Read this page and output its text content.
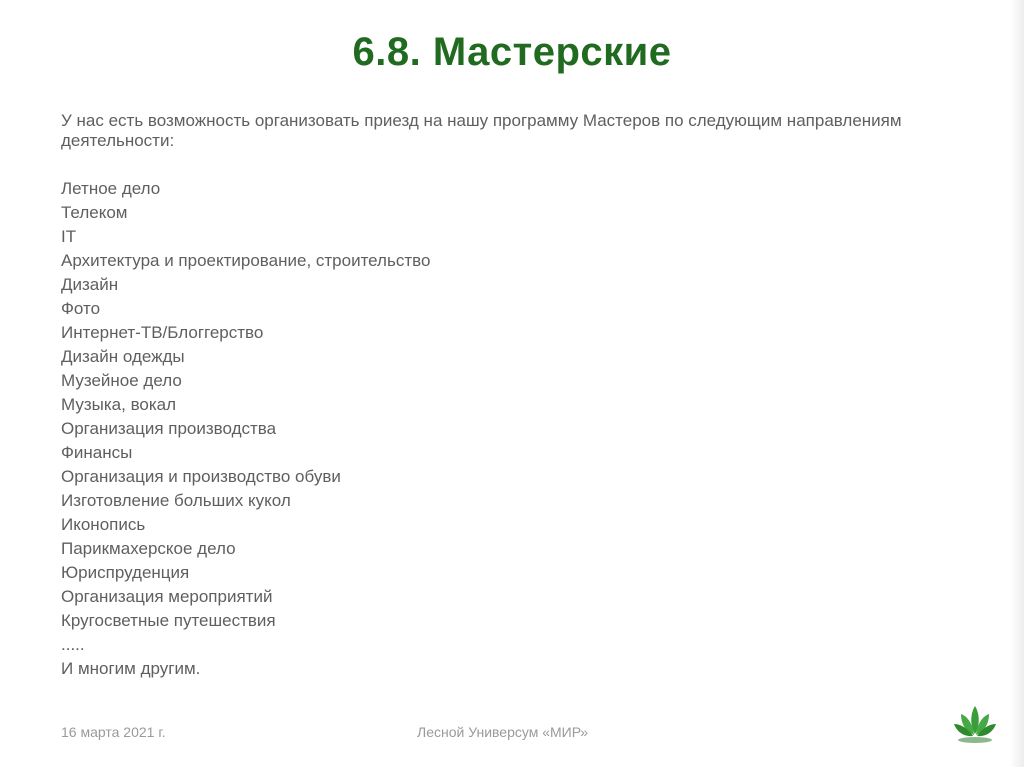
6.8. Мастерские
У нас есть возможность организовать приезд на нашу программу Мастеров по следующим направлениям деятельности:
Летное дело
Телеком
IT
Архитектура и проектирование, строительство
Дизайн
Фото
Интернет-ТВ/Блоггерство
Дизайн одежды
Музейное дело
Музыка, вокал
Организация производства
Финансы
Организация и производство обуви
Изготовление больших кукол
Иконопись
Парикмахерское дело
Юриспруденция
Организация мероприятий
Кругосветные путешествия
.....
И многим другим.
16 марта 2021 г.	Лесной Универсум «МИР»
